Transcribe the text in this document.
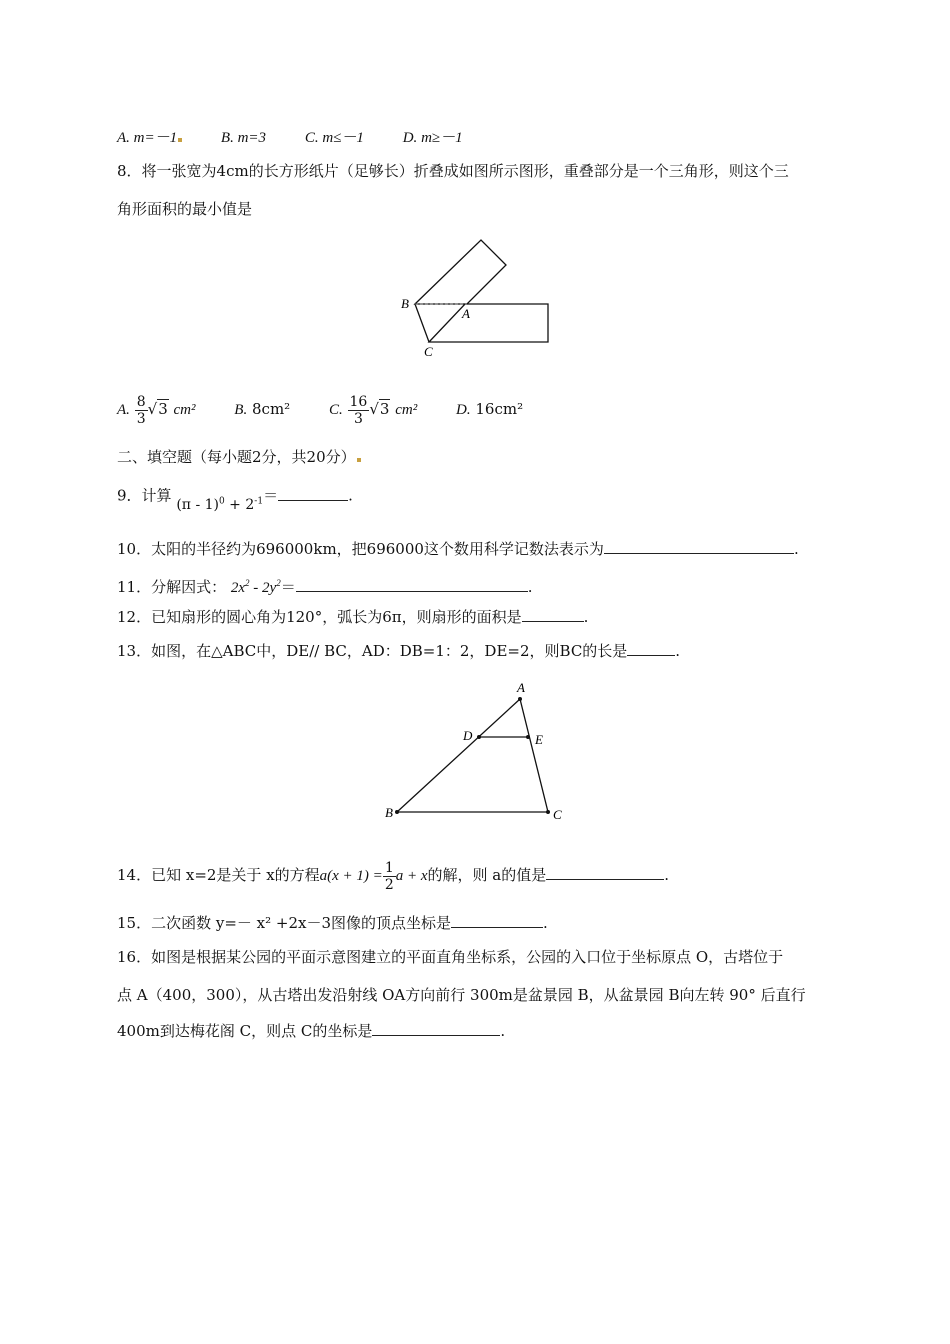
A. m=－1	B. m=3	C. m≤－1	D. m≥－1
8．将一张宽为4cm的长方形纸片（足够长）折叠成如图所示图形，重叠部分是一个三角形，则这个三
角形面积的最小值是
B
A
C
A. $\frac{8}{3} √3$ cm²	B. 8cm²	C. $\frac{16}{3} √3$ cm²	D. 16cm²
二、填空题（每小题2分，共20分）
9．计算 $(\pi - 1)^0 + 2^{-1}=$	.
10．太阳的半径约为696000km，把696000这个数用科学记数法表示为	.
11．分解因式： $2x^2 - 2y^2=$	.
12．已知扇形的圆心角为120°，弧长为6π，则扇形的面积是	.
13．如图，在△ABC中，DE// BC，AD：DB=1：2，DE=2，则BC的长是	.
A
D	E
B	C
14．已知 x=2是关于 x的方程$a(x + 1) = \frac{1}{2}$ a + x的解，则 a的值是	.
15．二次函数 y=－ x² +2x－3图像的顶点坐标是	.
16．如图是根据某公园的平面示意图建立的平面直角坐标系，公园的入口位于坐标原点 O，古塔位于
点 A（400，300），从古塔出发沿射线 OA方向前行 300m是盆景园 B，从盆景园 B向左转 90° 后直行
400m到达梅花阁 C，则点 C的坐标是	.
